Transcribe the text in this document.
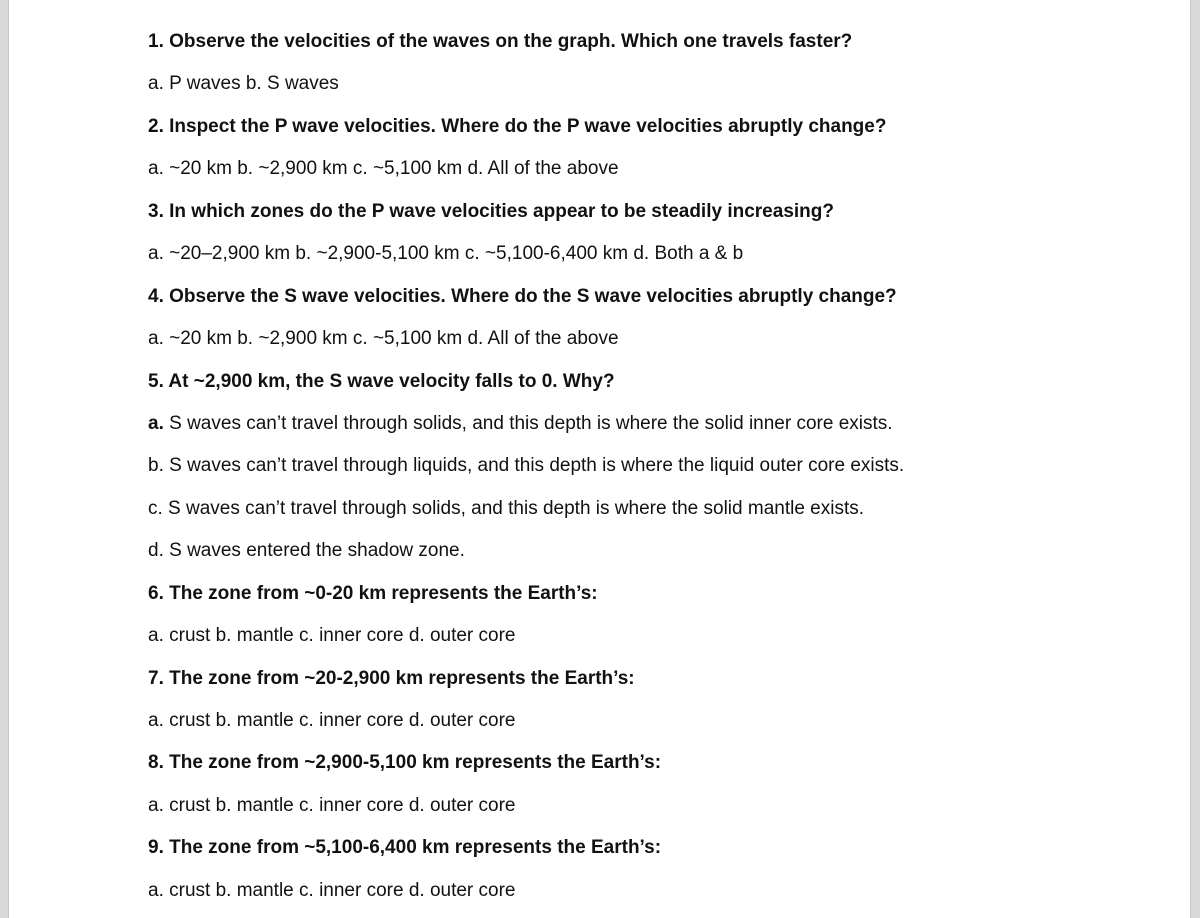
1. Observe the velocities of the waves on the graph. Which one travels faster?
a. P waves b. S waves
2. Inspect the P wave velocities. Where do the P wave velocities abruptly change?
a. ~20 km b. ~2,900 km c. ~5,100 km d. All of the above
3. In which zones do the P wave velocities appear to be steadily increasing?
a. ~20–2,900 km b. ~2,900-5,100 km c. ~5,100-6,400 km d. Both a & b
4. Observe the S wave velocities. Where do the S wave velocities abruptly change?
a. ~20 km b. ~2,900 km c. ~5,100 km d. All of the above
5. At ~2,900 km, the S wave velocity falls to 0. Why?
a. S waves can’t travel through solids, and this depth is where the solid inner core exists.
b. S waves can’t travel through liquids, and this depth is where the liquid outer core exists.
c. S waves can’t travel through solids, and this depth is where the solid mantle exists.
d. S waves entered the shadow zone.
6. The zone from ~0-20 km represents the Earth’s:
a. crust b. mantle c. inner core d. outer core
7. The zone from ~20-2,900 km represents the Earth’s:
a. crust b. mantle c. inner core d. outer core
8. The zone from ~2,900-5,100 km represents the Earth’s:
a. crust b. mantle c. inner core d. outer core
9. The zone from ~5,100-6,400 km represents the Earth’s:
a. crust b. mantle c. inner core d. outer core
